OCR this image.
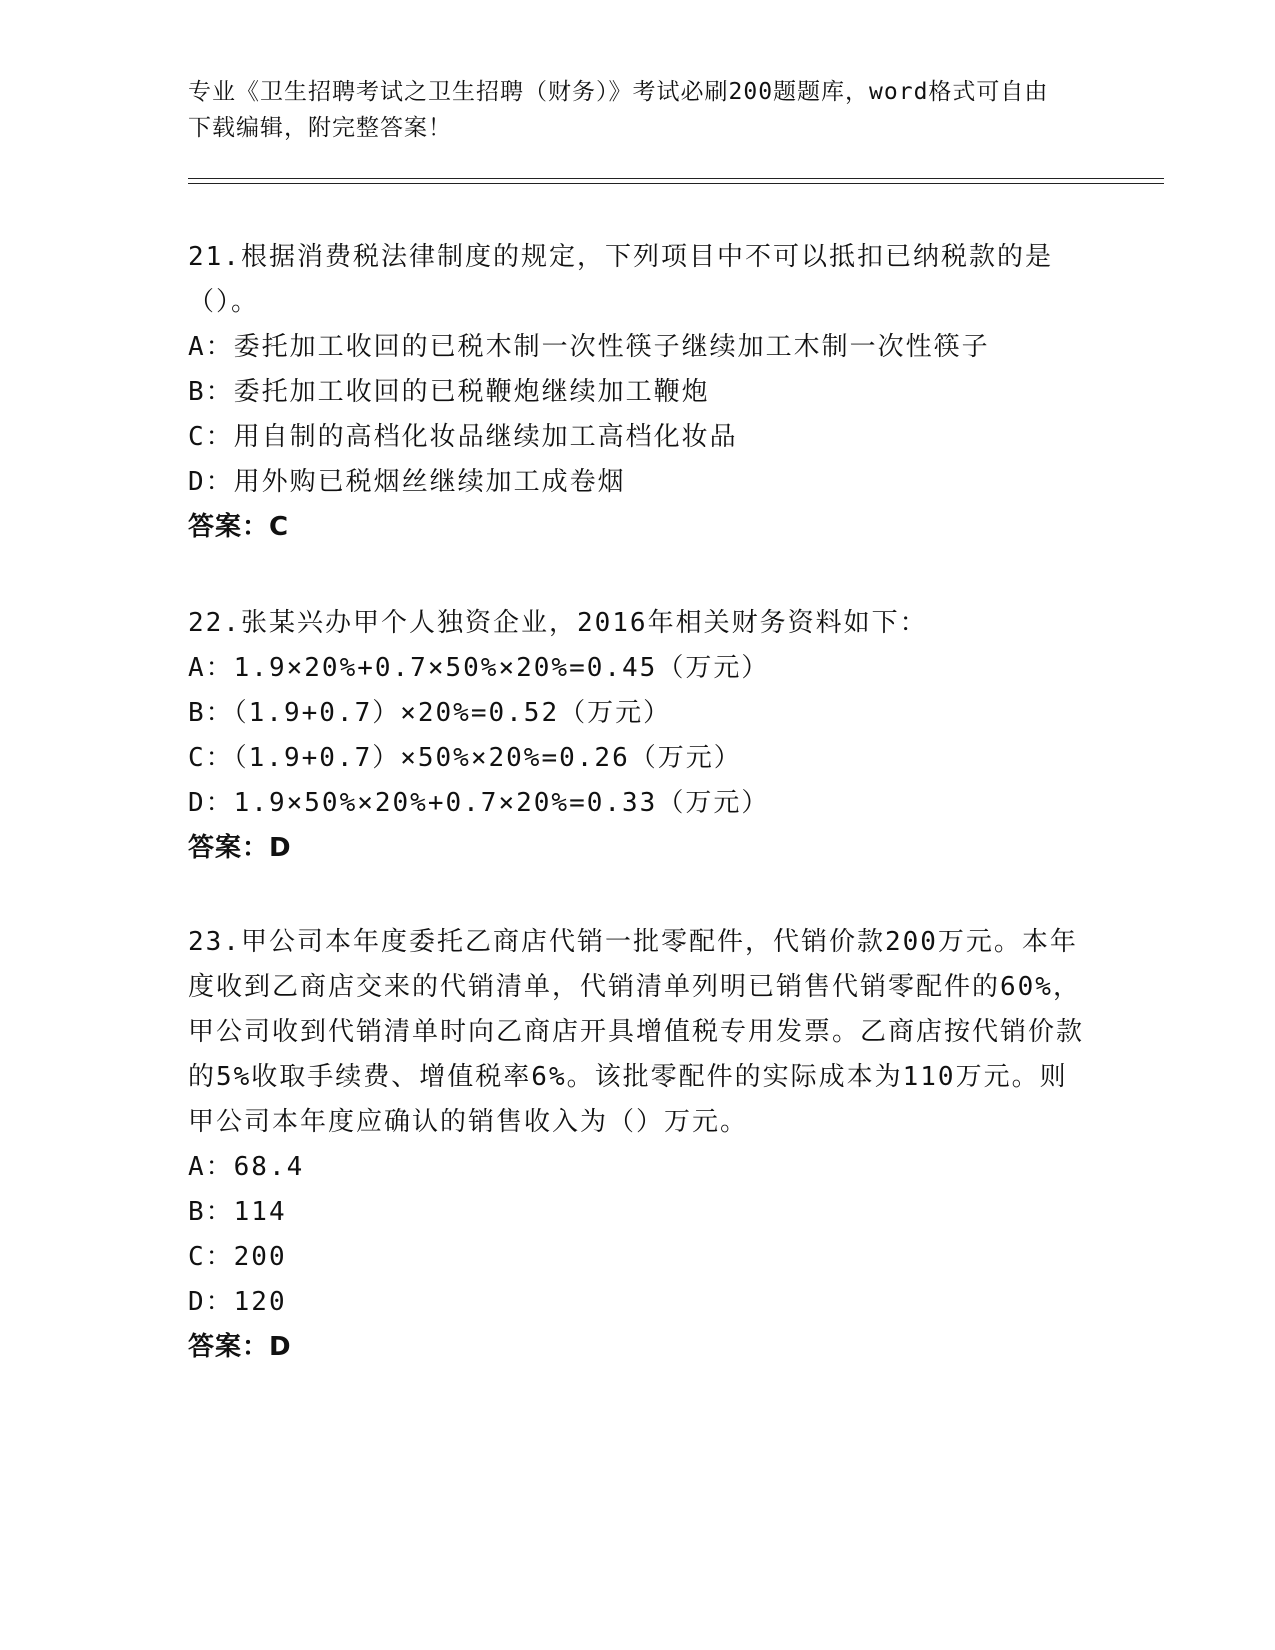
专业《卫生招聘考试之卫生招聘（财务）》考试必刷200题题库，word格式可自由下载编辑，附完整答案！

21.根据消费税法律制度的规定，下列项目中不可以抵扣已纳税款的是（）。

A：委托加工收回的已税木制一次性筷子继续加工木制一次性筷子

B：委托加工收回的已税鞭炮继续加工鞭炮

C：用自制的高档化妆品继续加工高档化妆品

D：用外购已税烟丝继续加工成卷烟

答案：C

22.张某兴办甲个人独资企业，2016年相关财务资料如下：

A：1.9×20%+0.7×50%×20%=0.45（万元）

B：（1.9+0.7）×20%=0.52（万元）

C：（1.9+0.7）×50%×20%=0.26（万元）

D：1.9×50%×20%+0.7×20%=0.33（万元）

答案：D

23.甲公司本年度委托乙商店代销一批零配件，代销价款200万元。本年度收到乙商店交来的代销清单，代销清单列明已销售代销零配件的60%，甲公司收到代销清单时向乙商店开具增值税专用发票。乙商店按代销价款的5%收取手续费、增值税率6%。该批零配件的实际成本为110万元。则甲公司本年度应确认的销售收入为（）万元。

A：68.4

B：114

C：200

D：120

答案：D
